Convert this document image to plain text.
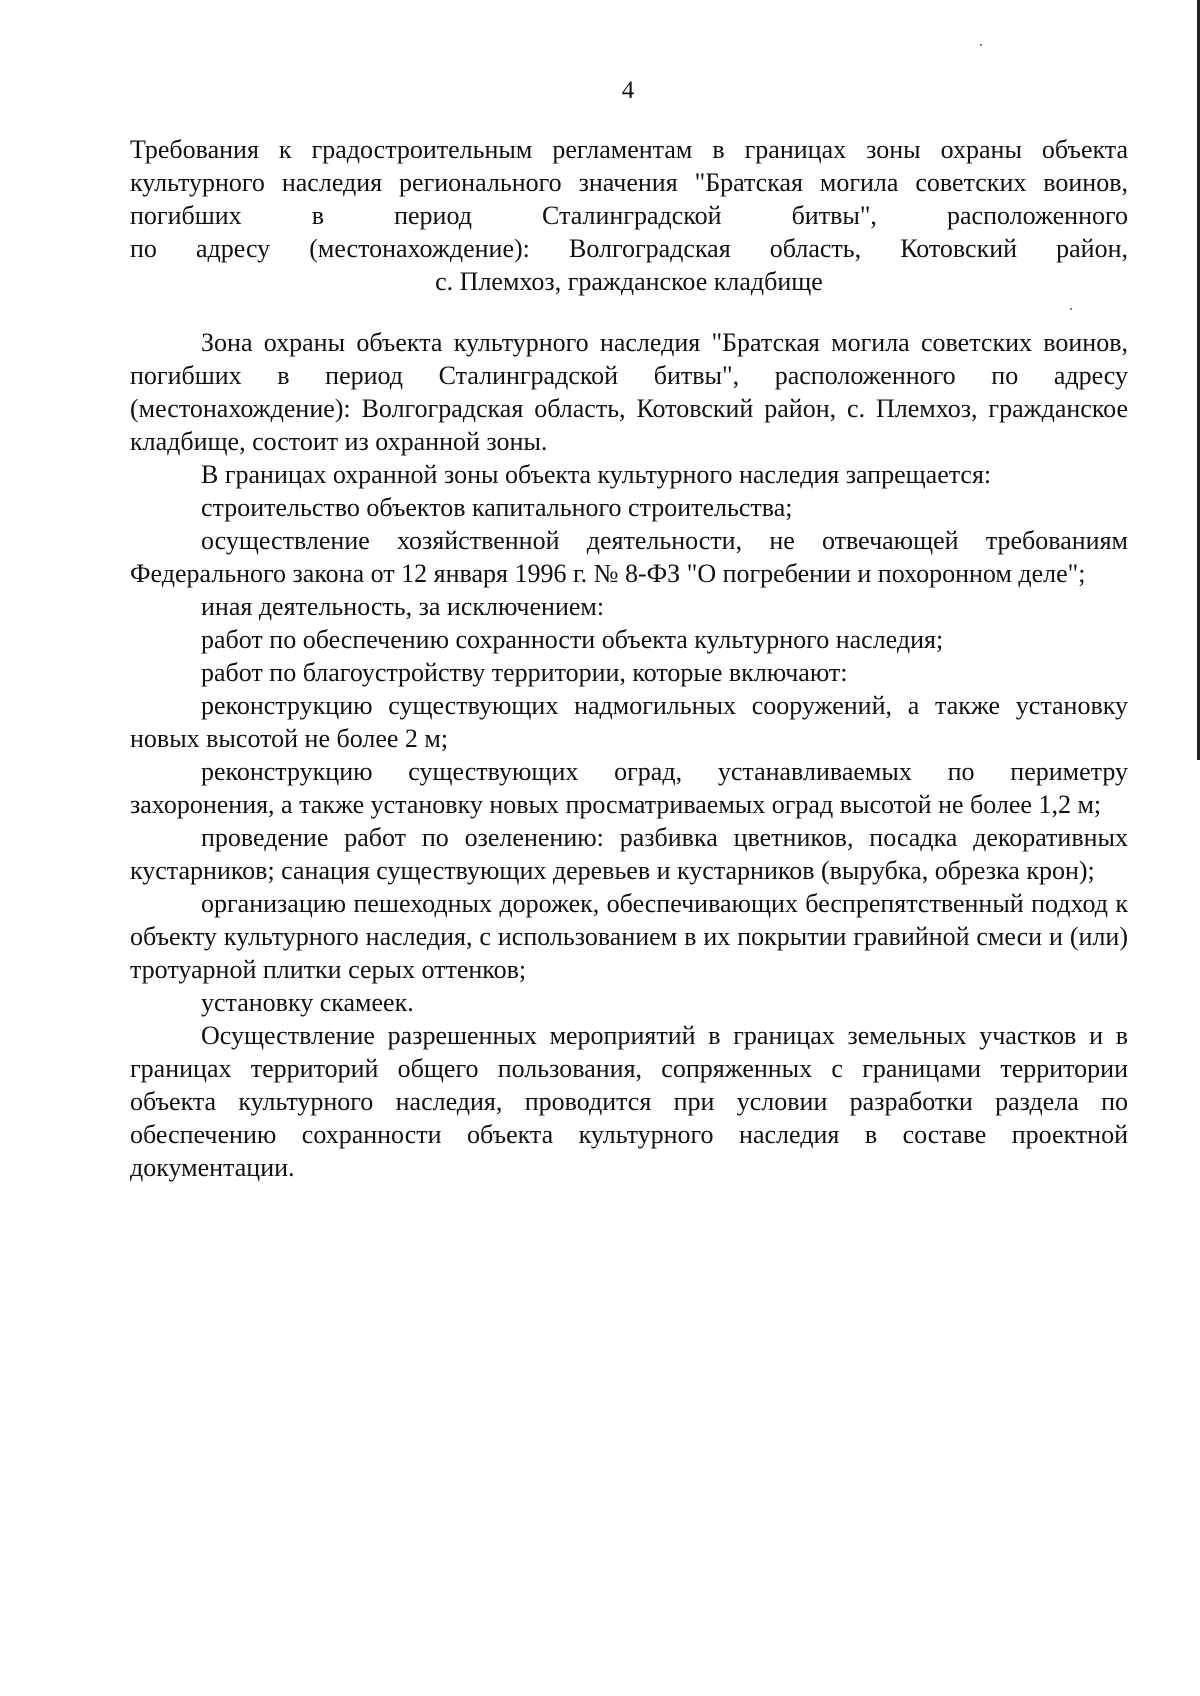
4

Требования к градостроительным регламентам в границах зоны охраны объекта

культурного наследия регионального значения "Братская могила советских воинов,

погибших в период Сталинградской битвы", расположенного

по адресу (местонахождение): Волгоградская область, Котовский район,

с. Племхоз, гражданское кладбище

Зона охраны объекта культурного наследия "Братская могила советских воинов, погибших в период Сталинградской битвы", расположенного по адресу (местонахождение): Волгоградская область, Котовский район, с. Племхоз, гражданское кладбище, состоит из охранной зоны.

В границах охранной зоны объекта культурного наследия запрещается:

строительство объектов капитального строительства;

осуществление хозяйственной деятельности, не отвечающей требованиям Федерального закона от 12 января 1996 г. № 8-ФЗ "О погребении и похоронном деле";

иная деятельность, за исключением:

работ по обеспечению сохранности объекта культурного наследия;

работ по благоустройству территории, которые включают:

реконструкцию существующих надмогильных сооружений, а также установку новых высотой не более 2 м;

реконструкцию существующих оград, устанавливаемых по периметру захоронения, а также установку новых просматриваемых оград высотой не более 1,2 м;

проведение работ по озеленению: разбивка цветников, посадка декоративных кустарников; санация существующих деревьев и кустарников (вырубка, обрезка крон);

организацию пешеходных дорожек, обеспечивающих беспрепятственный подход к объекту культурного наследия, с использованием в их покрытии гравийной смеси и (или) тротуарной плитки серых оттенков;

установку скамеек.

Осуществление разрешенных мероприятий в границах земельных участков и в границах территорий общего пользования, сопряженных с границами территории объекта культурного наследия, проводится при условии разработки раздела по обеспечению сохранности объекта культурного наследия в составе проектной документации.
